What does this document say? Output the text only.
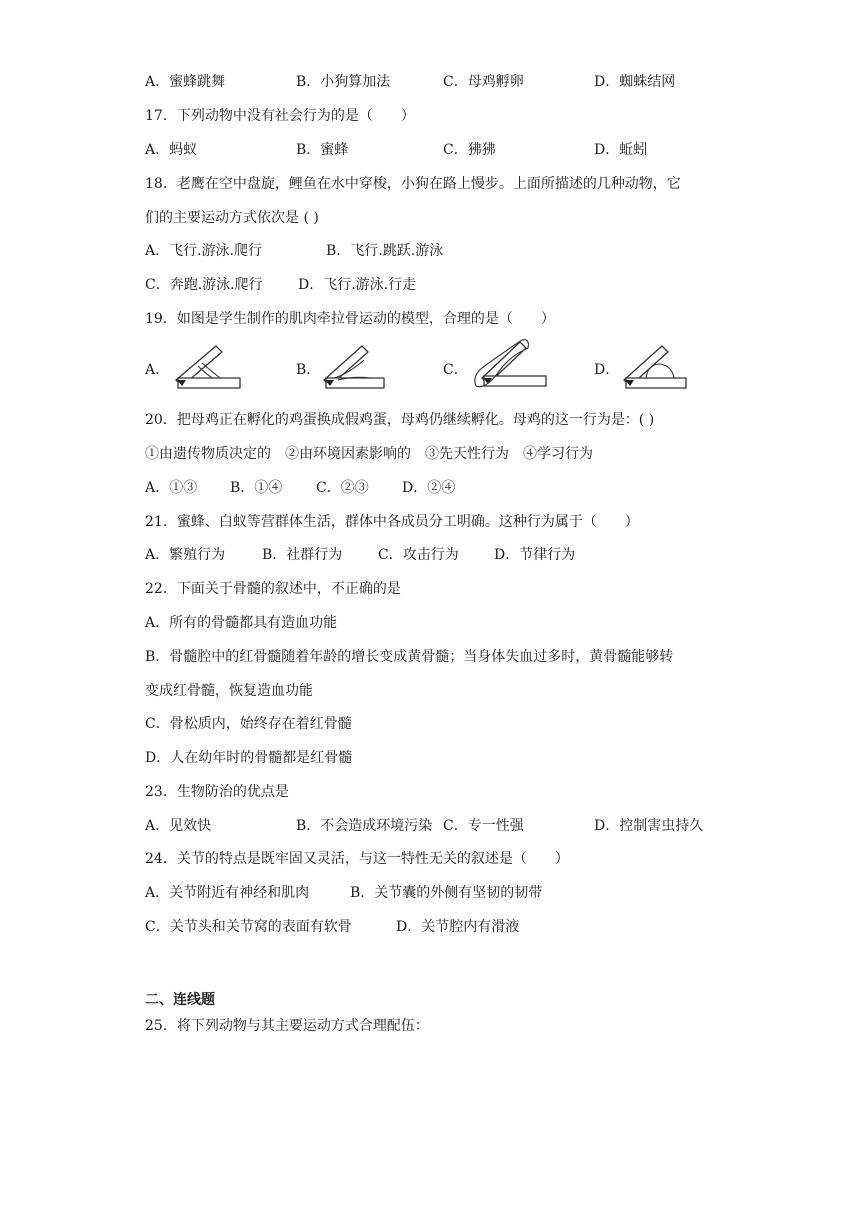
A．蜜蜂跳舞	B．小狗算加法	C．母鸡孵卵	D．蜘蛛结网
17．下列动物中没有社会行为的是（　　）
A．蚂蚁	B．蜜蜂	C．狒狒	D．蚯蚓
18．老鹰在空中盘旋，鲤鱼在水中穿梭，小狗在路上慢步。上面所描述的几种动物，它
们的主要运动方式依次是 ( )
A．飞行.游泳.爬行	B．飞行.跳跃.游泳
C．奔跑.游泳.爬行	D．飞行.游泳.行走
19．如图是学生制作的肌肉牵拉骨运动的模型，合理的是（　　）
A．	B．	C．	D．
20．把母鸡正在孵化的鸡蛋换成假鸡蛋，母鸡仍继续孵化。母鸡的这一行为是：( )
①由遗传物质决定的　②由环境因素影响的　③先天性行为　④学习行为
A．①③ B．①④ C．②③ D．②④
21．蜜蜂、白蚁等营群体生活，群体中各成员分工明确。这种行为属于（　　）
A．繁殖行为	B．社群行为	C．攻击行为	D．节律行为
22．下面关于骨髓的叙述中，不正确的是
A．所有的骨髓都具有造血功能
B．骨髓腔中的红骨髓随着年龄的增长变成黄骨髓；当身体失血过多时，黄骨髓能够转
变成红骨髓，恢复造血功能
C．骨松质内，始终存在着红骨髓
D．人在幼年时的骨髓都是红骨髓
23．生物防治的优点是
A．见效快	B．不会造成环境污染 C．专一性强	D．控制害虫持久
24．关节的特点是既牢固又灵活，与这一特性无关的叙述是（　　）
A．关节附近有神经和肌肉	B．关节囊的外侧有坚韧的韧带
C．关节头和关节窝的表面有软骨	D．关节腔内有滑液
二、连线题
25．将下列动物与其主要运动方式合理配伍：
